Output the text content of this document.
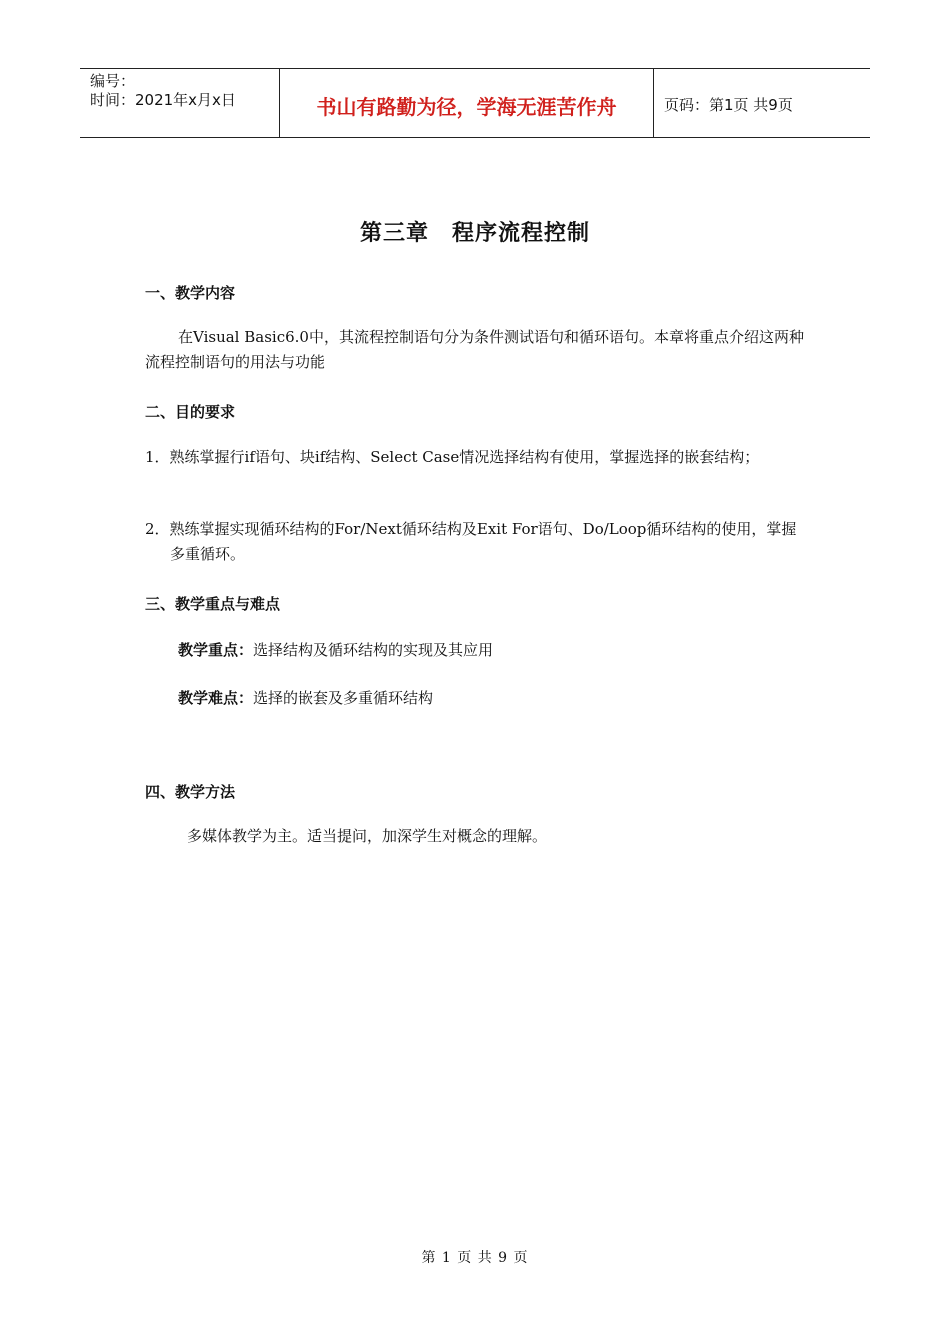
编号：
时间：2021年x月x日	书山有路勤为径，学海无涯苦作舟	页码：第1页 共9页
第三章　程序流程控制
一、教学内容
在Visual Basic6.0中，其流程控制语句分为条件测试语句和循环语句。本章将重点介绍这两种流程控制语句的用法与功能
二、目的要求
1．熟练掌握行if语句、块if结构、Select Case情况选择结构有使用，掌握选择的嵌套结构；
2．熟练掌握实现循环结构的For/Next循环结构及Exit For语句、Do/Loop循环结构的使用，掌握多重循环。
三、教学重点与难点
教学重点：选择结构及循环结构的实现及其应用
教学难点：选择的嵌套及多重循环结构
四、教学方法
多媒体教学为主。适当提问，加深学生对概念的理解。
第 1 页 共 9 页
